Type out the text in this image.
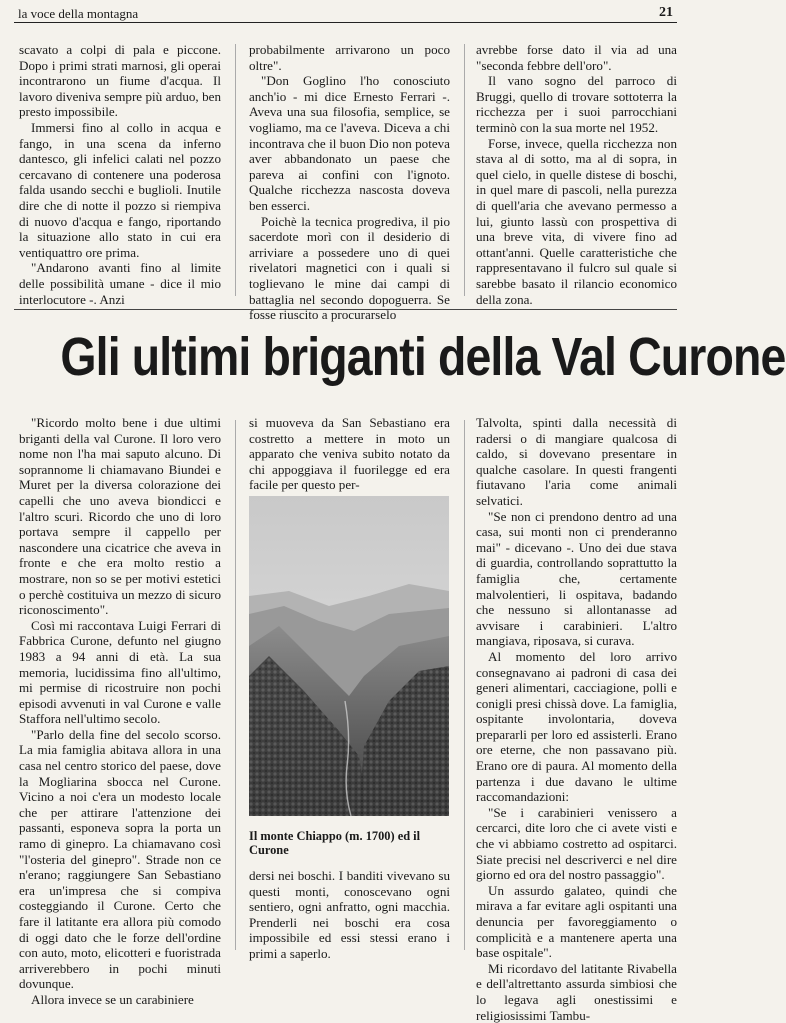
la voce della montagna	21

scavato a colpi di pala e piccone. Dopo i primi strati marnosi, gli operai incontrarono un fiume d'acqua. Il lavoro diveniva sempre più arduo, ben presto impossibile.

Immersi fino al collo in acqua e fango, in una scena da inferno dantesco, gli infelici calati nel pozzo cercavano di contenere una poderosa falda usando secchi e buglioli. Inutile dire che di notte il pozzo si riempiva di nuovo d'acqua e fango, riportando la situazione allo stato in cui era ventiquattro ore prima.

"Andarono avanti fino al limite delle possibilità umane - dice il mio interlocutore -. Anzi

probabilmente arrivarono un poco oltre".

"Don Goglino l'ho conosciuto anch'io - mi dice Ernesto Ferrari -. Aveva una sua filosofia, semplice, se vogliamo, ma ce l'aveva. Diceva a chi incontrava che il buon Dio non poteva aver abbandonato un paese che pareva ai confini con l'ignoto. Qualche ricchezza nascosta doveva ben esserci.

Poichè la tecnica progrediva, il pio sacerdote morì con il desiderio di arriviare a possedere uno di quei rivelatori magnetici con i quali si toglievano le mine dai campi di battaglia nel secondo dopoguerra. Se fosse riuscito a procurarselo

avrebbe forse dato il via ad una "seconda febbre dell'oro".

Il vano sogno del parroco di Bruggi, quello di trovare sottoterra la ricchezza per i suoi parrocchiani terminò con la sua morte nel 1952.

Forse, invece, quella ricchezza non stava al di sotto, ma al di sopra, in quel cielo, in quelle distese di boschi, in quel mare di pascoli, nella purezza di quell'aria che avevano permesso a lui, giunto lassù con prospettiva di una breve vita, di vivere fino ad ottant'anni. Quelle caratteristiche che rappresentavano il fulcro sul quale si sarebbe basato il rilancio economico della zona.

Gli ultimi briganti della Val Curone

"Ricordo molto bene i due ultimi briganti della val Curone. Il loro vero nome non l'ha mai saputo alcuno. Di soprannome li chiamavano Biundei e Muret per la diversa colorazione dei capelli che uno aveva biondicci e l'altro scuri. Ricordo che uno di loro portava sempre il cappello per nascondere una cicatrice che aveva in fronte e che era molto restio a mostrare, non so se per motivi estetici o perchè costituiva un mezzo di sicuro riconoscimento".

Così mi raccontava Luigi Ferrari di Fabbrica Curone, defunto nel giugno 1983 a 94 anni di età. La sua memoria, lucidissima fino all'ultimo, mi permise di ricostruire non pochi episodi avvenuti in val Curone e valle Staffora nell'ultimo secolo.

"Parlo della fine del secolo scorso. La mia famiglia abitava allora in una casa nel centro storico del paese, dove la Mogliarina sbocca nel Curone. Vicino a noi c'era un modesto locale che per attirare l'attenzione dei passanti, esponeva sopra la porta un ramo di ginepro. La chiamavano così "l'osteria del ginepro". Strade non ce n'erano; raggiungere San Sebastiano era un'impresa che si compiva costeggiando il Curone. Certo che fare il latitante era allora più comodo di oggi dato che le forze dell'ordine con auto, moto, elicotteri e fuoristrada arriverebbero in pochi minuti dovunque.

Allora invece se un carabiniere

si muoveva da San Sebastiano era costretto a mettere in moto un apparato che veniva subito notato da chi appoggiava il fuorilegge ed era facile per questo per-

Il monte Chiappo (m. 1700) ed il Curone

dersi nei boschi. I banditi vivevano su questi monti, conoscevano ogni sentiero, ogni anfratto, ogni macchia. Prenderli nei boschi era cosa impossibile ed essi stessi erano i primi a saperlo.

Talvolta, spinti dalla necessità di radersi o di mangiare qualcosa di caldo, si dovevano presentare in qualche casolare. In questi frangenti fiutavano l'aria come animali selvatici.

"Se non ci prendono dentro ad una casa, sui monti non ci prenderanno mai" - dicevano -. Uno dei due stava di guardia, controllando soprattutto la famiglia che, certamente malvolentieri, li ospitava, badando che nessuno si allontanasse ad avvisare i carabinieri. L'altro mangiava, riposava, si curava.

Al momento del loro arrivo consegnavano ai padroni di casa dei generi alimentari, cacciagione, polli e conigli presi chissà dove. La famiglia, ospitante involontaria, doveva prepararli per loro ed assisterli. Erano ore eterne, che non passavano più. Erano ore di paura. Al momento della partenza i due davano le ultime raccomandazioni:

"Se i carabinieri venissero a cercarci, dite loro che ci avete visti e che vi abbiamo costretto ad ospitarci. Siate precisi nel descriverci e nel dire giorno ed ora del nostro passaggio".

Un assurdo galateo, quindi che mirava a far evitare agli ospitanti una denuncia per favoreggiamento o complicità e a mantenere aperta una base ospitale".

Mi ricordavo del latitante Rivabella e dell'altrettanto assurda simbiosi che lo legava agli onestissimi e religiosissimi Tambu-
